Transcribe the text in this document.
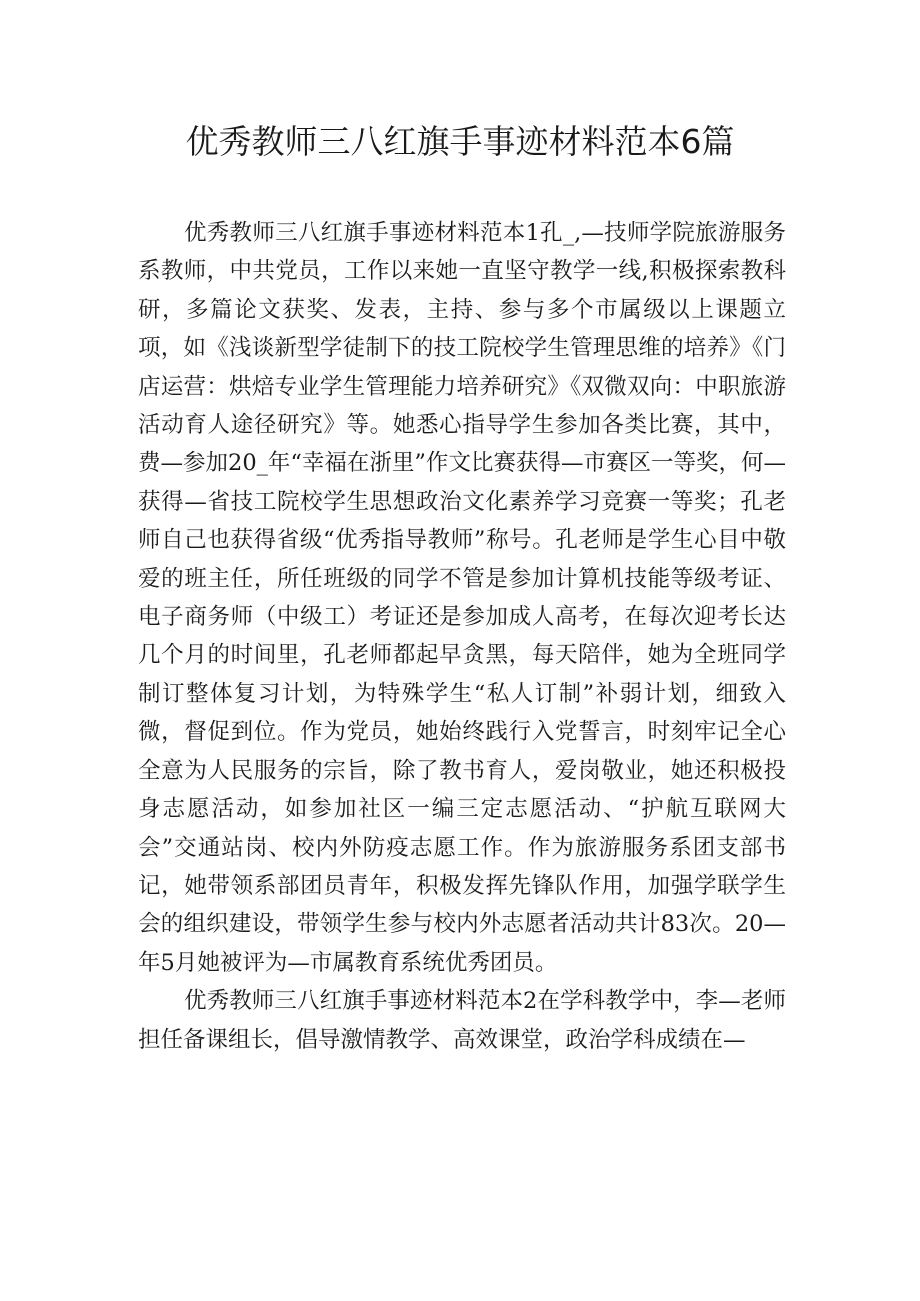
优秀教师三八红旗手事迹材料范本6篇

优秀教师三八红旗手事迹材料范本1孔_,—技师学院旅游服务系教师，中共党员，工作以来她一直坚守教学一线,积极探索教科研，多篇论文获奖、发表，主持、参与多个市属级以上课题立项，如《浅谈新型学徒制下的技工院校学生管理思维的培养》《门店运营：烘焙专业学生管理能力培养研究》《双微双向：中职旅游活动育人途径研究》等。她悉心指导学生参加各类比赛，其中，费—参加20_年“幸福在浙里”作文比赛获得—市赛区一等奖，何—获得—省技工院校学生思想政治文化素养学习竞赛一等奖；孔老师自己也获得省级“优秀指导教师”称号。孔老师是学生心目中敬爱的班主任，所任班级的同学不管是参加计算机技能等级考证、电子商务师（中级工）考证还是参加成人高考，在每次迎考长达几个月的时间里，孔老师都起早贪黑，每天陪伴，她为全班同学制订整体复习计划，为特殊学生“私人订制”补弱计划，细致入微，督促到位。作为党员，她始终践行入党誓言，时刻牢记全心全意为人民服务的宗旨，除了教书育人，爱岗敬业，她还积极投身志愿活动，如参加社区一编三定志愿活动、“护航互联网大会”交通站岗、校内外防疫志愿工作。作为旅游服务系团支部书记，她带领系部团员青年，积极发挥先锋队作用，加强学联学生会的组织建设，带领学生参与校内外志愿者活动共计83次。20—年5月她被评为—市属教育系统优秀团员。

优秀教师三八红旗手事迹材料范本2在学科教学中，李—老师担任备课组长，倡导激情教学、高效课堂，政治学科成绩在—
